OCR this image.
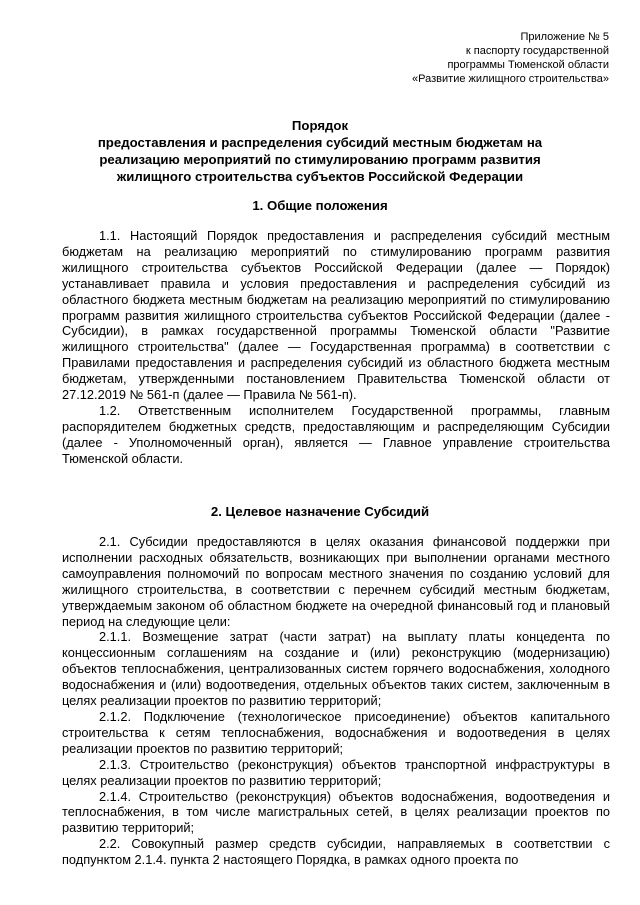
Приложение № 5
к паспорту государственной
программы Тюменской области
«Развитие жилищного строительства»
Порядок
предоставления и распределения субсидий местным бюджетам на
реализацию мероприятий по стимулированию программ развития
жилищного строительства субъектов Российской Федерации
1. Общие положения

1.1. Настоящий Порядок предоставления и распределения субсидий местным бюджетам на реализацию мероприятий по стимулированию программ развития жилищного строительства субъектов Российской Федерации (далее — Порядок) устанавливает правила и условия предоставления и распределения субсидий из областного бюджета местным бюджетам на реализацию мероприятий по стимулированию программ развития жилищного строительства субъектов Российской Федерации (далее - Субсидии), в рамках государственной программы Тюменской области "Развитие жилищного строительства" (далее — Государственная программа) в соответствии с Правилами предоставления и распределения субсидий из областного бюджета местным бюджетам, утвержденными постановлением Правительства Тюменской области от 27.12.2019 № 561-п (далее — Правила № 561-п).

1.2. Ответственным исполнителем Государственной программы, главным распорядителем бюджетных средств, предоставляющим и распределяющим Субсидии (далее - Уполномоченный орган), является — Главное управление строительства Тюменской области.

2. Целевое назначение Субсидий

2.1. Субсидии предоставляются в целях оказания финансовой поддержки при исполнении расходных обязательств, возникающих при выполнении органами местного самоуправления полномочий по вопросам местного значения по созданию условий для жилищного строительства, в соответствии с перечнем субсидий местным бюджетам, утверждаемым законом об областном бюджете на очередной финансовый год и плановый период на следующие цели:

2.1.1. Возмещение затрат (части затрат) на выплату платы концедента по концессионным соглашениям на создание и (или) реконструкцию (модернизацию) объектов теплоснабжения, централизованных систем горячего водоснабжения, холодного водоснабжения и (или) водоотведения, отдельных объектов таких систем, заключенным в целях реализации проектов по развитию территорий;

2.1.2. Подключение (технологическое присоединение) объектов капитального строительства к сетям теплоснабжения, водоснабжения и водоотведения в целях реализации проектов по развитию территорий;

2.1.3. Строительство (реконструкция) объектов транспортной инфраструктуры в целях реализации проектов по развитию территорий;

2.1.4. Строительство (реконструкция) объектов водоснабжения, водоотведения и теплоснабжения, в том числе магистральных сетей, в целях реализации проектов по развитию территорий;

2.2. Совокупный размер средств субсидии, направляемых в соответствии с подпунктом 2.1.4. пункта 2 настоящего Порядка, в рамках одного проекта по
